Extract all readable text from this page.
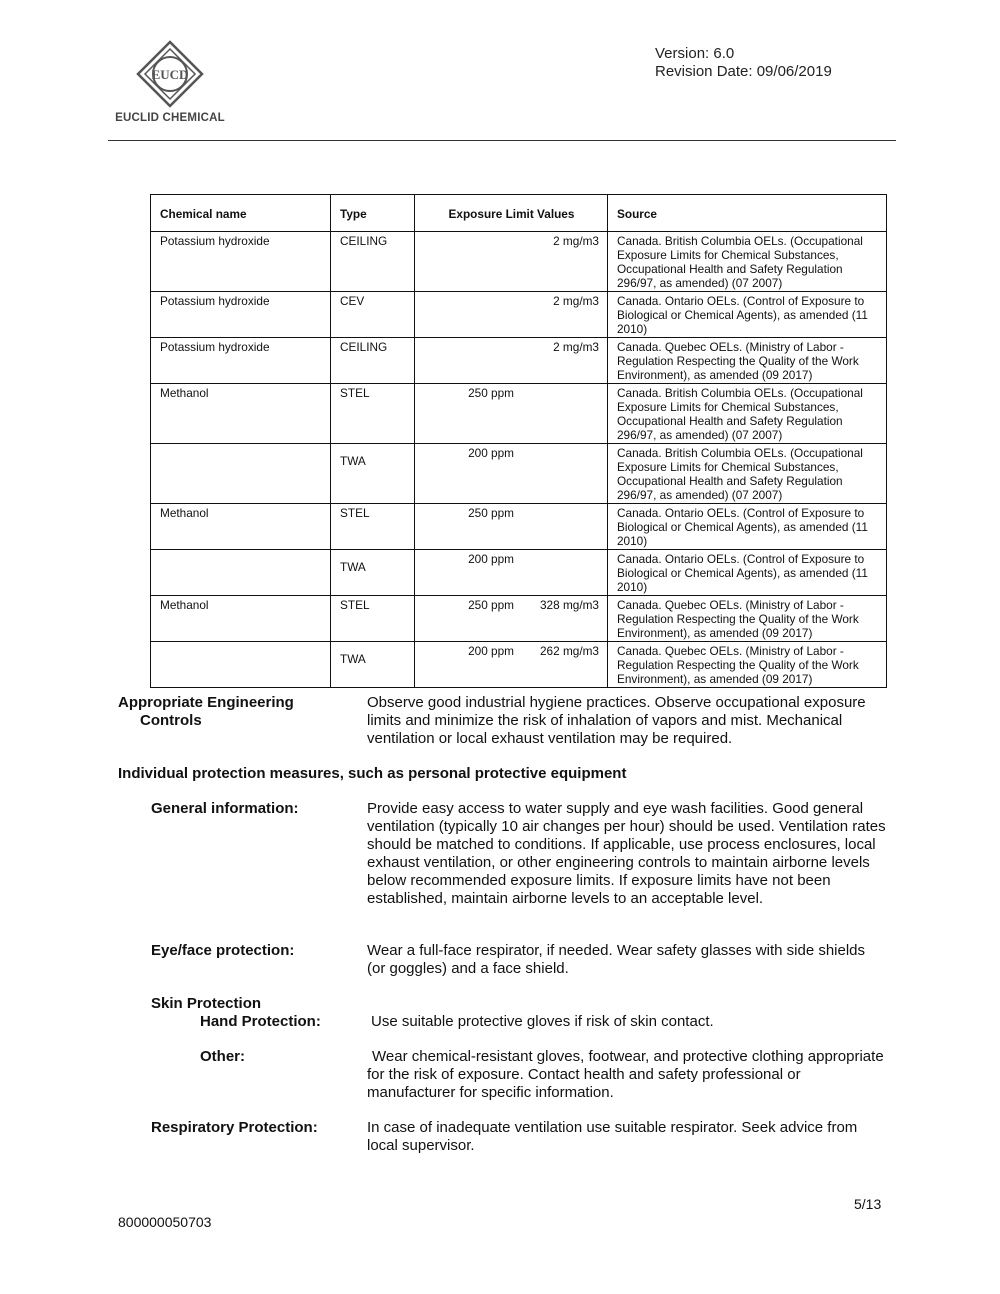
EUCD
EUCLID CHEMICAL
Version: 6.0
Revision Date: 09/06/2019
Chemical name	Type	Exposure Limit Values	Source
Potassium hydroxide	CEILING	2 mg/m3	Canada. British Columbia OELs. (Occupational Exposure Limits for Chemical Substances, Occupational Health and Safety Regulation 296/97, as amended) (07 2007)
Potassium hydroxide	CEV	2 mg/m3	Canada. Ontario OELs. (Control of Exposure to Biological or Chemical Agents), as amended (11 2010)
Potassium hydroxide	CEILING	2 mg/m3	Canada. Quebec OELs. (Ministry of Labor - Regulation Respecting the Quality of the Work Environment), as amended (09 2017)
Methanol	STEL	250 ppm	Canada. British Columbia OELs. (Occupational Exposure Limits for Chemical Substances, Occupational Health and Safety Regulation 296/97, as amended) (07 2007)

	TWA	200 ppm	Canada. British Columbia OELs. (Occupational Exposure Limits for Chemical Substances, Occupational Health and Safety Regulation 296/97, as amended) (07 2007)
Methanol	STEL	250 ppm	Canada. Ontario OELs. (Control of Exposure to Biological or Chemical Agents), as amended (11 2010)

	TWA	200 ppm	Canada. Ontario OELs. (Control of Exposure to Biological or Chemical Agents), as amended (11 2010)
Methanol	STEL	250 ppm 328 mg/m3	Canada. Quebec OELs. (Ministry of Labor - Regulation Respecting the Quality of the Work Environment), as amended (09 2017)

	TWA	200 ppm 262 mg/m3	Canada. Quebec OELs. (Ministry of Labor - Regulation Respecting the Quality of the Work Environment), as amended (09 2017)
Appropriate Engineering
Controls
Observe good industrial hygiene practices. Observe occupational exposure limits and minimize the risk of inhalation of vapors and mist. Mechanical ventilation or local exhaust ventilation may be required.
Individual protection measures, such as personal protective equipment
General information:	Provide easy access to water supply and eye wash facilities. Good general ventilation (typically 10 air changes per hour) should be used. Ventilation rates should be matched to conditions. If applicable, use process enclosures, local exhaust ventilation, or other engineering controls to maintain airborne levels below recommended exposure limits. If exposure limits have not been established, maintain airborne levels to an acceptable level.
Eye/face protection:	Wear a full-face respirator, if needed. Wear safety glasses with side shields (or goggles) and a face shield.
Skin Protection
Hand Protection:	Use suitable protective gloves if risk of skin contact.
Other:	Wear chemical-resistant gloves, footwear, and protective clothing appropriate for the risk of exposure. Contact health and safety professional or manufacturer for specific information.
Respiratory Protection:	In case of inadequate ventilation use suitable respirator. Seek advice from local supervisor.
5/13
800000050703
